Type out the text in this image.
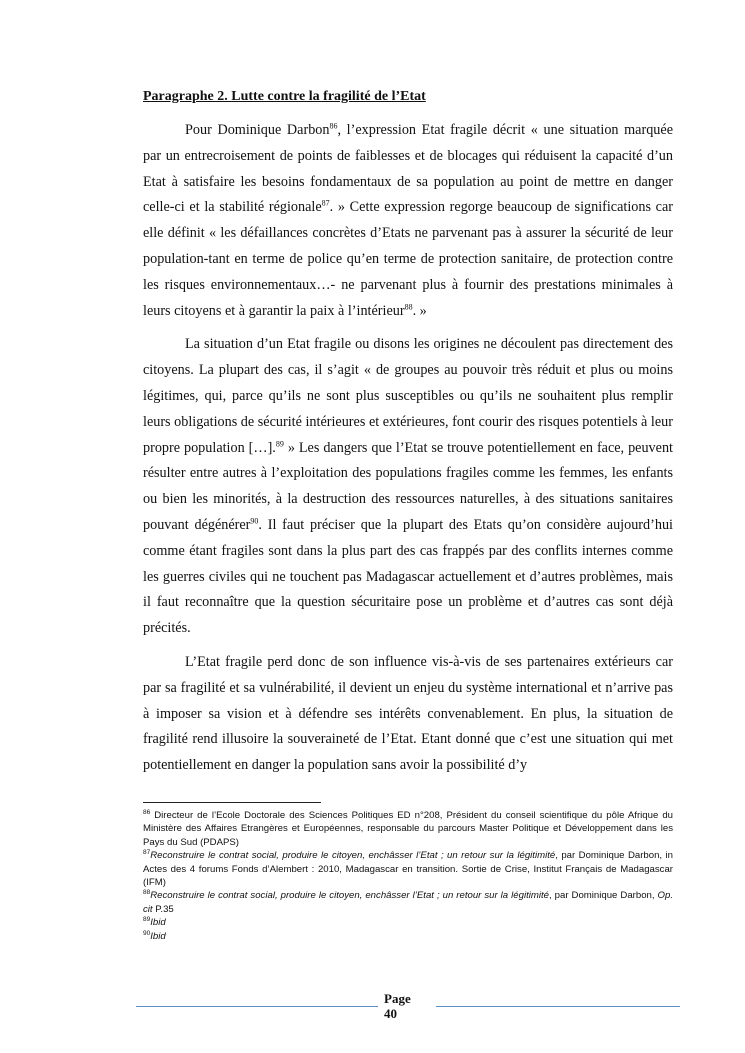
Paragraphe 2. Lutte contre la fragilité de l’Etat

Pour Dominique Darbon$^{86}$, l’expression Etat fragile décrit « une situation marquée par un entrecroisement de points de faiblesses et de blocages qui réduisent la capacité d’un Etat à satisfaire les besoins fondamentaux de sa population au point de mettre en danger celle-ci et la stabilité régionale$^{87}$. » Cette expression regorge beaucoup de significations car elle définit « les défaillances concrètes d’Etats ne parvenant pas à assurer la sécurité de leur population-tant en terme de police qu’en terme de protection sanitaire, de protection contre les risques environnementaux…- ne parvenant plus à fournir des prestations minimales à leurs citoyens et à garantir la paix à l’intérieur$^{88}$. »

La situation d’un Etat fragile ou disons les origines ne découlent pas directement des citoyens. La plupart des cas, il s’agit « de groupes au pouvoir très réduit et plus ou moins légitimes, qui, parce qu’ils ne sont plus susceptibles ou qu’ils ne souhaitent plus remplir leurs obligations de sécurité intérieures et extérieures, font courir des risques potentiels à leur propre population […].$^{89}$ » Les dangers que l’Etat se trouve potentiellement en face, peuvent résulter entre autres à l’exploitation des populations fragiles comme les femmes, les enfants ou bien les minorités, à la destruction des ressources naturelles, à des situations sanitaires pouvant dégénérer$^{90}$. Il faut préciser que la plupart des Etats qu’on considère aujourd’hui comme étant fragiles sont dans la plus part des cas frappés par des conflits internes comme les guerres civiles qui ne touchent pas Madagascar actuellement et d’autres problèmes, mais il faut reconnaître que la question sécuritaire pose un problème et d’autres cas sont déjà précités.

L’Etat fragile perd donc de son influence vis-à-vis de ses partenaires extérieurs car par sa fragilité et sa vulnérabilité, il devient un enjeu du système international et n’arrive pas à imposer sa vision et à défendre ses intérêts convenablement. En plus, la situation de fragilité rend illusoire la souveraineté de l’Etat. Etant donné que c’est une situation qui met potentiellement en danger la population sans avoir la possibilité d’y

$^{86}$ Directeur de l’Ecole Doctorale des Sciences Politiques ED n°208, Président du conseil scientifique du pôle Afrique du Ministère des Affaires Etrangères et Européennes, responsable du parcours Master Politique et Développement dans les Pays du Sud (PDAPS)

$^{87}$Reconstruire le contrat social, produire le citoyen, enchâsser l’Etat ; un retour sur la légitimité, par Dominique Darbon, in Actes des 4 forums Fonds d’Alembert : 2010, Madagascar en transition. Sortie de Crise, Institut Français de Madagascar (IFM)

$^{88}$Reconstruire le contrat social, produire le citoyen, enchâsser l’Etat ; un retour sur la légitimité, par Dominique Darbon, Op. cit P.35

$^{89}$Ibid

$^{90}$Ibid

Page
40
